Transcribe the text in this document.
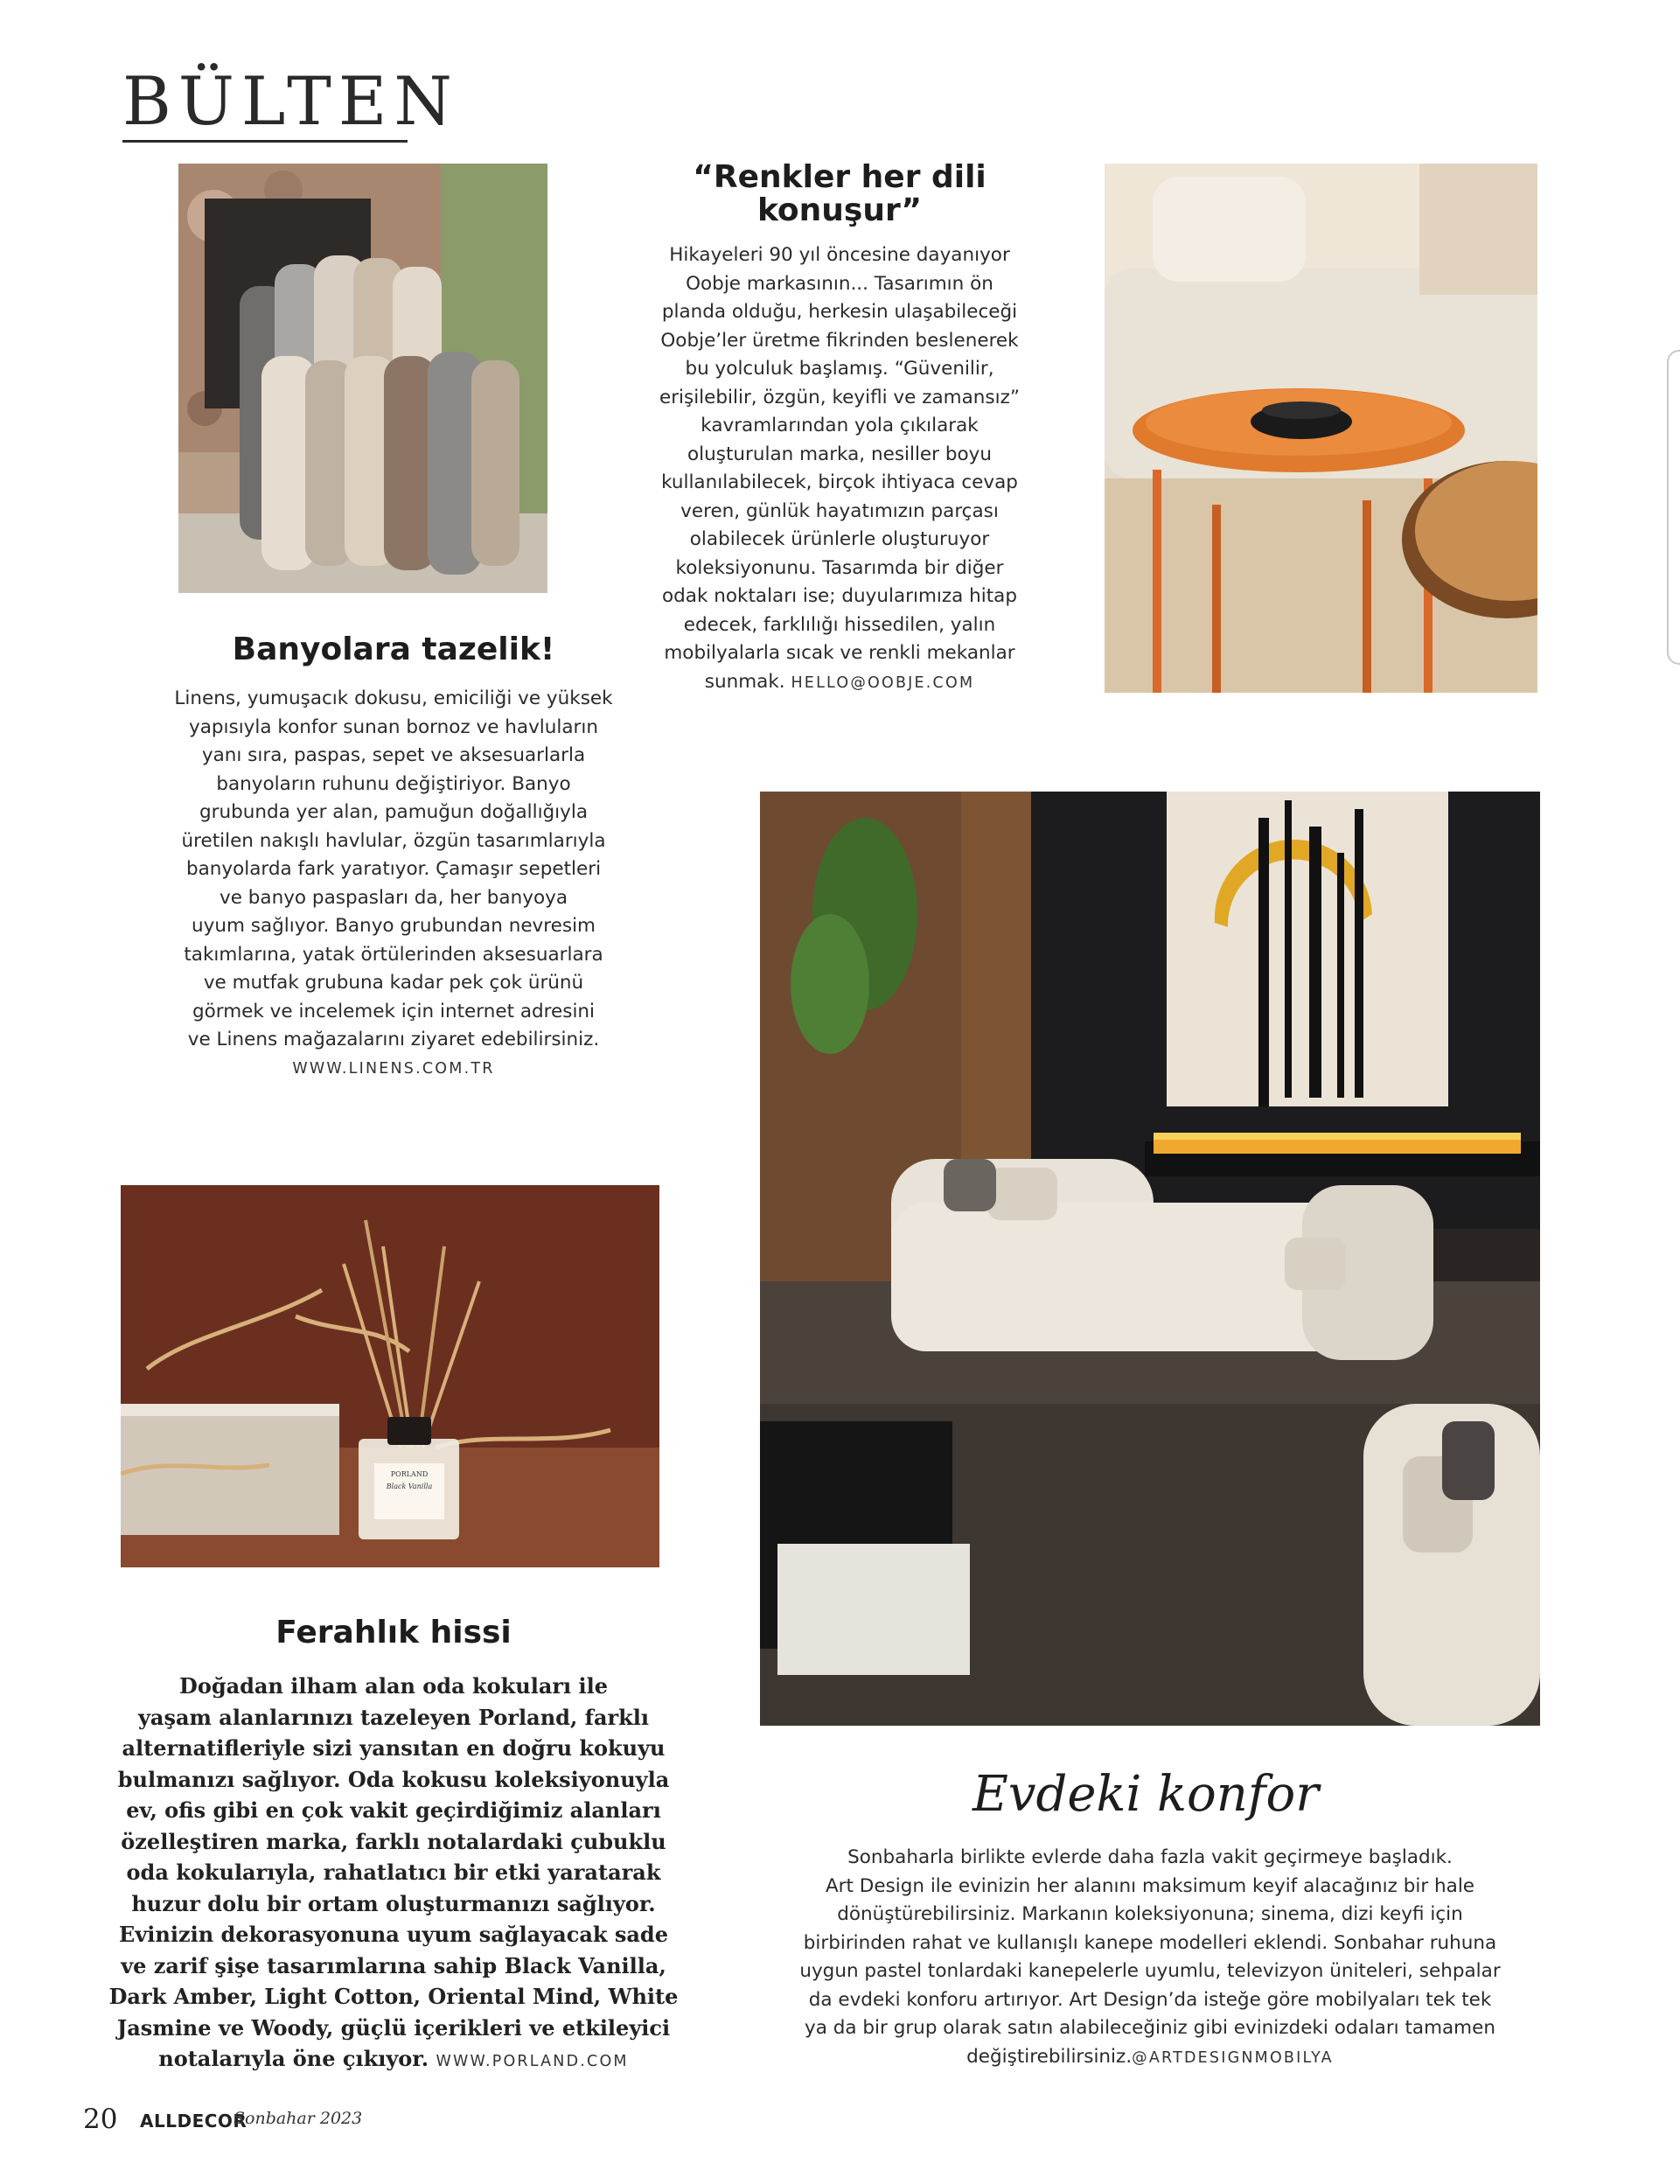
BÜLTEN
Banyolara tazelik!
Linens, yumuşacık dokusu, emiciliği ve yüksek
yapısıyla konfor sunan bornoz ve havluların
yanı sıra, paspas, sepet ve aksesuarlarla
banyoların ruhunu değiştiriyor. Banyo
grubunda yer alan, pamuğun doğallığıyla
üretilen nakışlı havlular, özgün tasarımlarıyla
banyolarda fark yaratıyor. Çamaşır sepetleri
ve banyo paspasları da, her banyoya
uyum sağlıyor. Banyo grubundan nevresim
takımlarına, yatak örtülerinden aksesuarlara
ve mutfak grubuna kadar pek çok ürünü
görmek ve incelemek için internet adresini
ve Linens mağazalarını ziyaret edebilirsiniz.
WWW.LINENS.COM.TR
“Renkler her dili
konuşur”
Hikayeleri 90 yıl öncesine dayanıyor
Oobje markasının... Tasarımın ön
planda olduğu, herkesin ulaşabileceği
Oobje’ler üretme fikrinden beslenerek
bu yolculuk başlamış. “Güvenilir,
erişilebilir, özgün, keyifli ve zamansız”
kavramlarından yola çıkılarak
oluşturulan marka, nesiller boyu
kullanılabilecek, birçok ihtiyaca cevap
veren, günlük hayatımızın parçası
olabilecek ürünlerle oluşturuyor
koleksiyonunu. Tasarımda bir diğer
odak noktaları ise; duyularımıza hitap
edecek, farklılığı hissedilen, yalın
mobilyalarla sıcak ve renkli mekanlar
sunmak. HELLO@OOBJE.COM
PORLAND
Black Vanilla
Ferahlık hissi
Doğadan ilham alan oda kokuları ile
yaşam alanlarınızı tazeleyen Porland, farklı
alternatifleriyle sizi yansıtan en doğru kokuyu
bulmanızı sağlıyor. Oda kokusu koleksiyonuyla
ev, ofis gibi en çok vakit geçirdiğimiz alanları
özelleştiren marka, farklı notalardaki çubuklu
oda kokularıyla, rahatlatıcı bir etki yaratarak
huzur dolu bir ortam oluşturmanızı sağlıyor.
Evinizin dekorasyonuna uyum sağlayacak sade
ve zarif şişe tasarımlarına sahip Black Vanilla,
Dark Amber, Light Cotton, Oriental Mind, White
Jasmine ve Woody, güçlü içerikleri ve etkileyici
notalarıyla öne çıkıyor. WWW.PORLAND.COM
Evdeki konfor
Sonbaharla birlikte evlerde daha fazla vakit geçirmeye başladık.
Art Design ile evinizin her alanını maksimum keyif alacağınız bir hale
dönüştürebilirsiniz. Markanın koleksiyonuna; sinema, dizi keyfi için
birbirinden rahat ve kullanışlı kanepe modelleri eklendi. Sonbahar ruhuna
uygun pastel tonlardaki kanepelerle uyumlu, televizyon üniteleri, sehpalar
da evdeki konforu artırıyor. Art Design’da isteğe göre mobilyaları tek tek
ya da bir grup olarak satın alabileceğiniz gibi evinizdeki odaları tamamen
değiştirebilirsiniz.@ARTDESIGNMOBILYA
20 ALLDECOR
Sonbahar 2023
